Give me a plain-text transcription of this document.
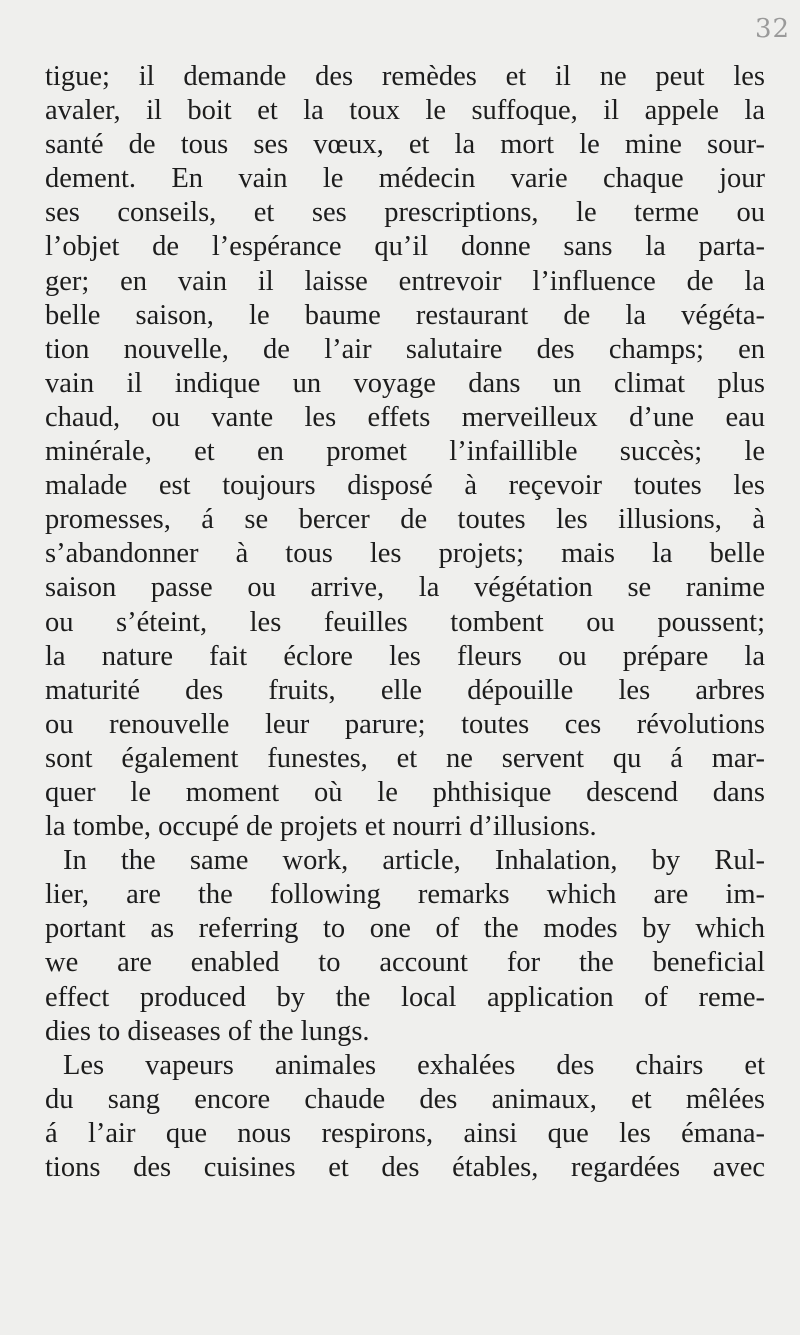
32
tigue; il demande des remèdes et il ne peut les
avaler, il boit et la toux le suffoque, il appele la
santé de tous ses vœux, et la mort le mine sour-
dement. En vain le médecin varie chaque jour
ses conseils, et ses prescriptions, le terme ou
l’objet de l’espérance qu’il donne sans la parta-
ger; en vain il laisse entrevoir l’influence de la
belle saison, le baume restaurant de la végéta-
tion nouvelle, de l’air salutaire des champs; en
vain il indique un voyage dans un climat plus
chaud, ou vante les effets merveilleux d’une eau
minérale, et en promet l’infaillible succès; le
malade est toujours disposé à reçevoir toutes les
promesses, á se bercer de toutes les illusions, à
s’abandonner à tous les projets; mais la belle
saison passe ou arrive, la végétation se ranime
ou s’éteint, les feuilles tombent ou poussent;
la nature fait éclore les fleurs ou prépare la
maturité des fruits, elle dépouille les arbres
ou renouvelle leur parure; toutes ces révolutions
sont également funestes, et ne servent qu á mar-
quer le moment où le phthisique descend dans
la tombe, occupé de projets et nourri d’illusions.
In the same work, article, Inhalation, by Rul-
lier, are the following remarks which are im-
portant as referring to one of the modes by which
we are enabled to account for the beneficial
effect produced by the local application of reme-
dies to diseases of the lungs.
Les vapeurs animales exhalées des chairs et
du sang encore chaude des animaux, et mêlées
á l’air que nous respirons, ainsi que les émana-
tions des cuisines et des étables, regardées avec
